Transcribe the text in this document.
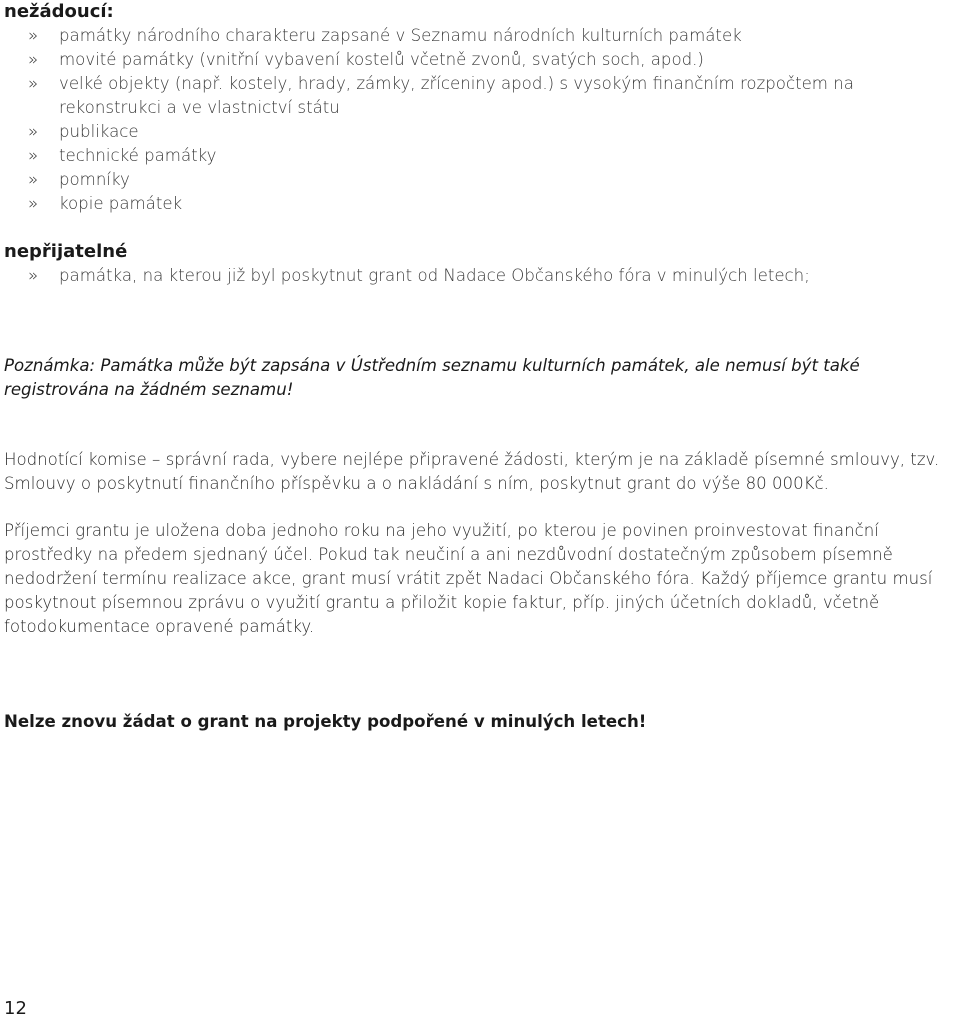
nežádoucí:
» památky národního charakteru zapsané v Seznamu národních kulturních památek
» movité památky (vnitřní vybavení kostelů včetně zvonů, svatých soch, apod.)
» velké objekty (např. kostely, hrady, zámky, zříceniny apod.) s vysokým finančním rozpočtem na rekonstrukci a ve vlastnictví státu
» publikace
» technické památky
» pomníky
» kopie památek
nepřijatelné
» památka, na kterou již byl poskytnut grant od Nadace Občanského fóra v minulých letech;

Poznámka: Památka může být zapsána v Ústředním seznamu kulturních památek, ale nemusí být také registrována na žádném seznamu!

Hodnotící komise – správní rada, vybere nejlépe připravené žádosti, kterým je na základě písemné smlouvy, tzv. Smlouvy o poskytnutí finančního příspěvku a o nakládání s ním, poskytnut grant do výše 80 000Kč.

Příjemci grantu je uložena doba jednoho roku na jeho využití, po kterou je povinen proinvestovat finanční prostředky na předem sjednaný účel. Pokud tak neučiní a ani nezdůvodní dostatečným způsobem písemně nedodržení termínu realizace akce, grant musí vrátit zpět Nadaci Občanského fóra. Každý příjemce grantu musí poskytnout písemnou zprávu o využití grantu a přiložit kopie faktur, příp. jiných účetních dokladů, včetně fotodokumentace opravené památky.

Nelze znovu žádat o grant na projekty podpořené v minulých letech!

12
